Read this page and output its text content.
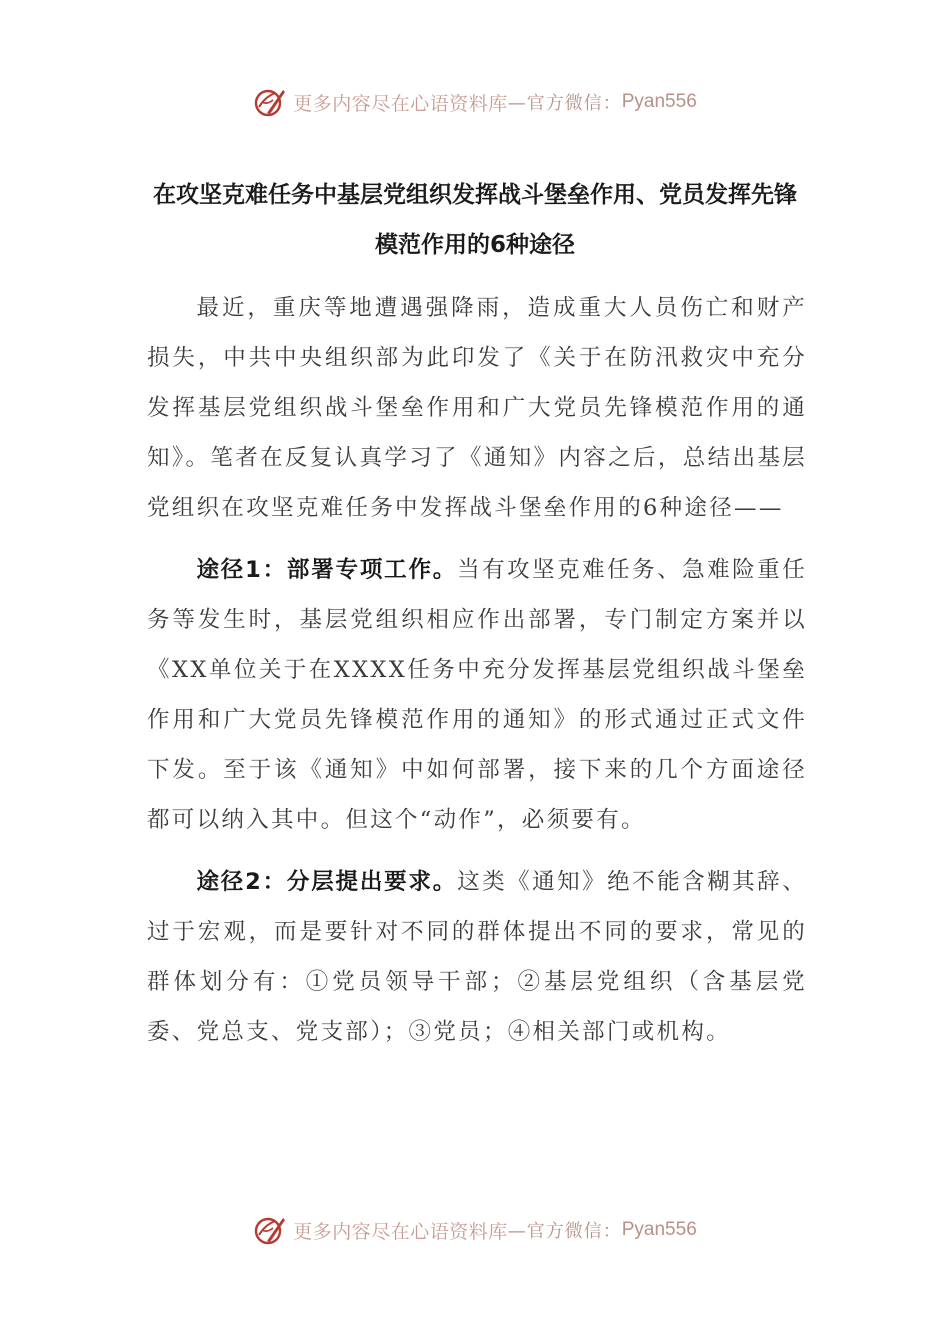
更多内容尽在心语资料库 —官方微信： Pyan556
在攻坚克难任务中基层党组织发挥战斗堡垒作用、党员发挥先锋模范作用的6种途径

最近，重庆等地遭遇强降雨，造成重大人员伤亡和财产损失，中共中央组织部为此印发了《关于在防汛救灾中充分发挥基层党组织战斗堡垒作用和广大党员先锋模范作用的通知》。笔者在反复认真学习了《通知》内容之后，总结出基层党组织在攻坚克难任务中发挥战斗堡垒作用的6种途径——

途径1：部署专项工作。当有攻坚克难任务、急难险重任务等发生时，基层党组织相应作出部署，专门制定方案并以《XX单位关于在XXXX任务中充分发挥基层党组织战斗堡垒作用和广大党员先锋模范作用的通知》的形式通过正式文件下发。至于该《通知》中如何部署，接下来的几个方面途径都可以纳入其中。但这个“动作”，必须要有。

途径2：分层提出要求。这类《通知》绝不能含糊其辞、过于宏观，而是要针对不同的群体提出不同的要求，常见的群体划分有：①党员领导干部；②基层党组织（含基层党委、党总支、党支部）；③党员；④相关部门或机构。

更多内容尽在心语资料库 —官方微信： Pyan556
